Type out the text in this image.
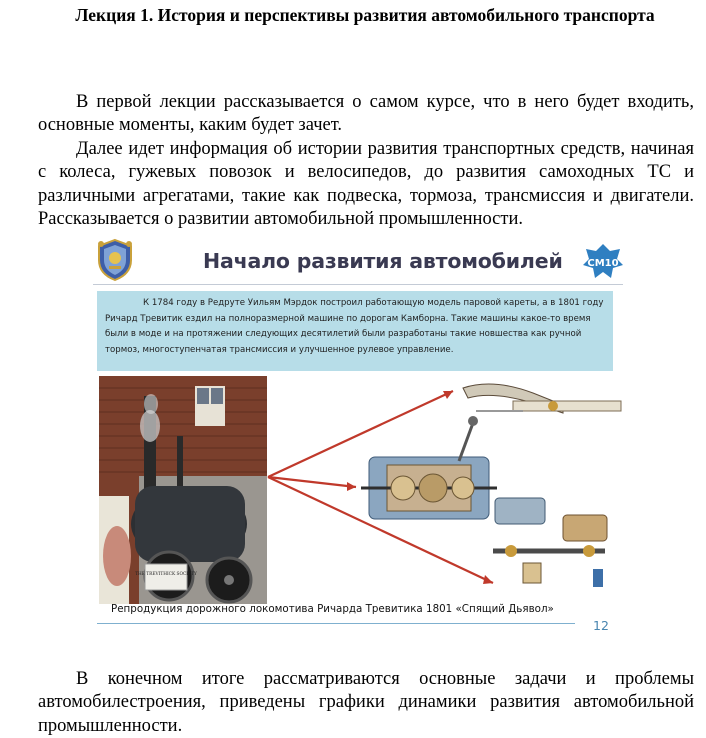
Лекция 1. История и перспективы развития автомобильного транспорта

В первой лекции рассказывается о самом курсе, что в него будет входить, основные моменты, каким будет зачет.

Далее идет информация об истории развития транспортных средств, начиная с колеса, гужевых повозок и велосипедов, до развития самоходных ТС и различными агрегатами, такие как подвеска, тормоза, трансмиссия и двигатели. Рассказывается о развитии автомобильной промышленности.

Начало развития автомобилей СМ10

К 1784 году в Редруте Уильям Мэрдок построил работающую модель паровой кареты, а в 1801 году Ричард Тревитик ездил на полноразмерной машине по дорогам Камборна. Такие машины какое-то время были в моде и на протяжении следующих десятилетий были разработаны такие новшества как ручной тормоз, многоступенчатая трансмиссия и улучшенное рулевое управление.

THE TREVITHICK SOCIETY
Репродукция дорожного локомотива Ричарда Тревитика 1801 «Спящий Дьявол»
12

В конечном итоге рассматриваются основные задачи и проблемы автомобилестроения, приведены графики динамики развития автомобильной промышленности.
